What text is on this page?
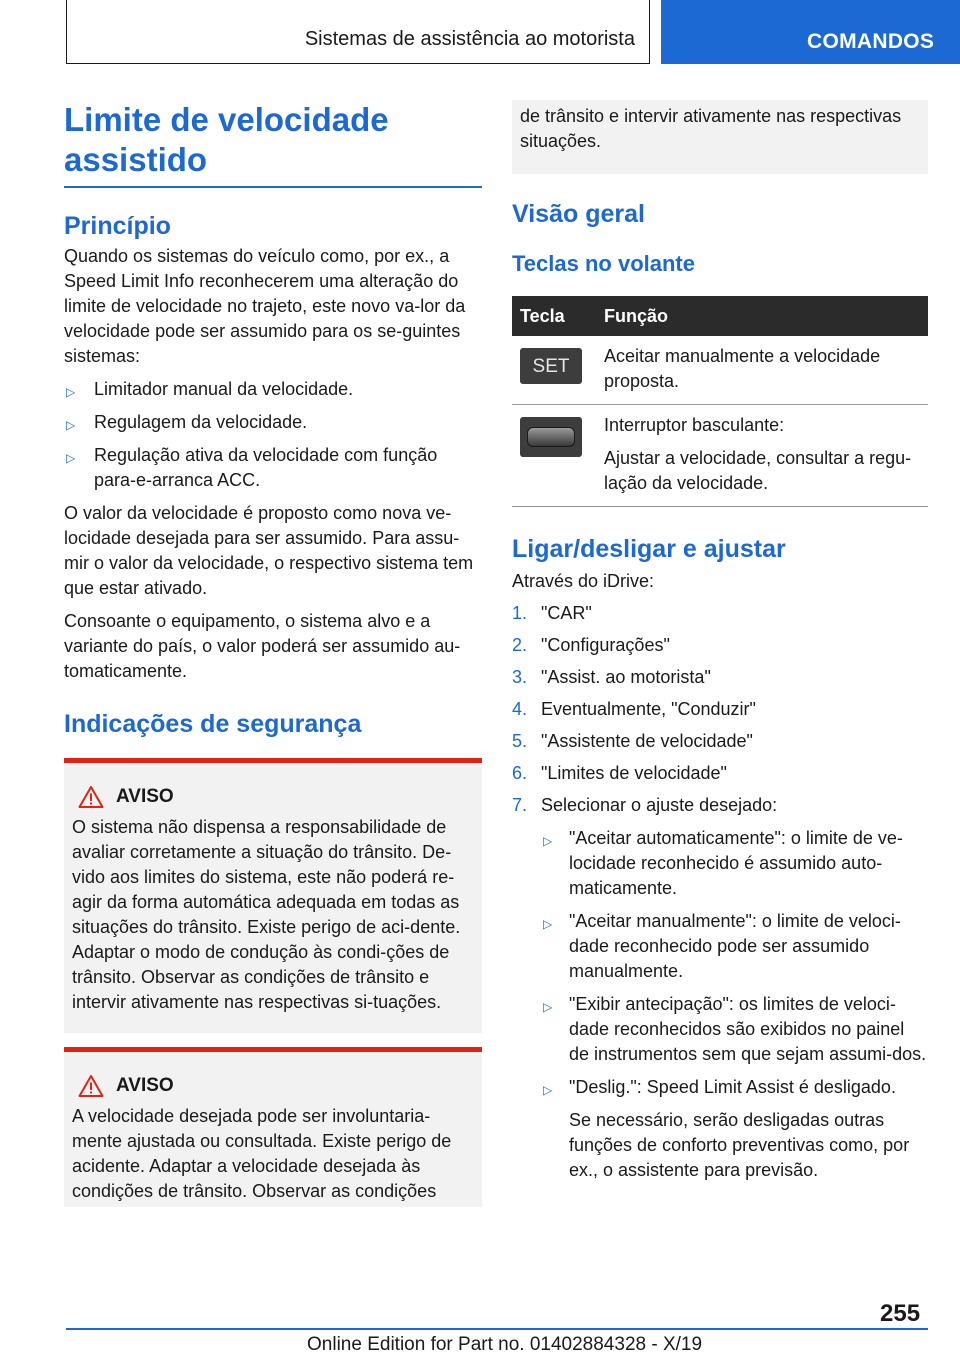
Sistemas de assistência ao motorista	COMANDOS
Limite de velocidade assistido
Princípio

Quando os sistemas do veículo como, por ex., a Speed Limit Info reconhecerem uma alteração do limite de velocidade no trajeto, este novo va-lor da velocidade pode ser assumido para os se-guintes sistemas:

▷ Limitador manual da velocidade.
▷ Regulagem da velocidade.
▷ Regulação ativa da velocidade com função para-e-arranca ACC.

O valor da velocidade é proposto como nova ve-locidade desejada para ser assumido. Para assu-mir o valor da velocidade, o respectivo sistema tem que estar ativado.

Consoante o equipamento, o sistema alvo e a variante do país, o valor poderá ser assumido au-tomaticamente.

Indicações de segurança
AVISO

O sistema não dispensa a responsabilidade de avaliar corretamente a situação do trânsito. De-vido aos limites do sistema, este não poderá re-agir da forma automática adequada em todas as situações do trânsito. Existe perigo de aci-dente. Adaptar o modo de condução às condi-ções de trânsito. Observar as condições de trânsito e intervir ativamente nas respectivas si-tuações.

AVISO

A velocidade desejada pode ser involuntaria-mente ajustada ou consultada. Existe perigo de acidente. Adaptar a velocidade desejada às condições de trânsito. Observar as condições

de trânsito e intervir ativamente nas respectivas situações.

Visão geral
Teclas no volante
Tecla	Função

SET	Aceitar manualmente a velocidade proposta.

	Interruptor basculante:
Ajustar a velocidade, consultar a regu-lação da velocidade.
Ligar/desligar e ajustar

Através do iDrive:

1. "CAR"
2. "Configurações"
3. "Assist. ao motorista"
4. Eventualmente, "Conduzir"
5. "Assistente de velocidade"
6. "Limites de velocidade"
7. Selecionar o ajuste desejado:
▷ "Aceitar automaticamente": o limite de ve-locidade reconhecido é assumido auto-maticamente.
▷ "Aceitar manualmente": o limite de veloci-dade reconhecido pode ser assumido manualmente.
▷ "Exibir antecipação": os limites de veloci-dade reconhecidos são exibidos no painel de instrumentos sem que sejam assumi-dos.
▷ "Deslig.": Speed Limit Assist é desligado.
Se necessário, serão desligadas outras funções de conforto preventivas como, por ex., o assistente para previsão.
255
Online Edition for Part no. 01402884328 - X/19
